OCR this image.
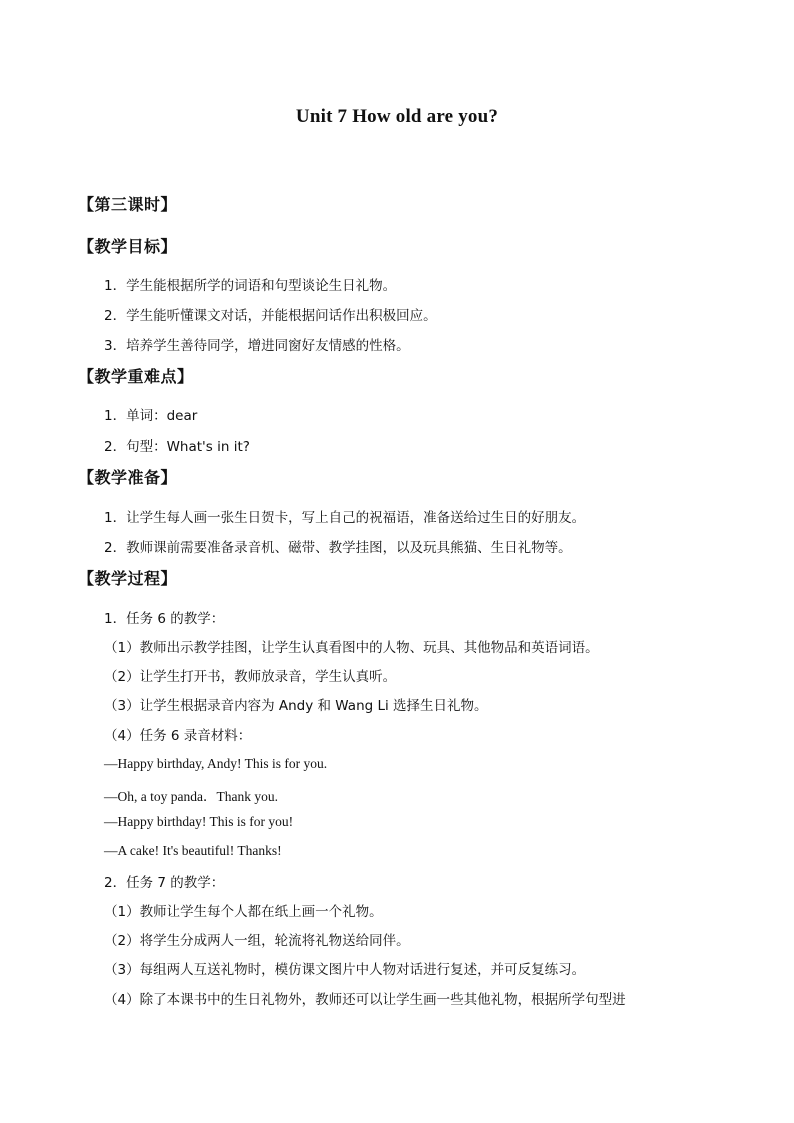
Unit 7 How old are you?
【第三课时】
【教学目标】
1．学生能根据所学的词语和句型谈论生日礼物。
2．学生能听懂课文对话，并能根据问话作出积极回应。
3．培养学生善待同学，增进同窗好友情感的性格。
【教学重难点】
1．单词：dear
2．句型：What's in it?
【教学准备】
1．让学生每人画一张生日贺卡，写上自己的祝福语，准备送给过生日的好朋友。
2．教师课前需要准备录音机、磁带、教学挂图，以及玩具熊猫、生日礼物等。
【教学过程】
1．任务 6 的教学：
（1）教师出示教学挂图，让学生认真看图中的人物、玩具、其他物品和英语词语。
（2）让学生打开书，教师放录音，学生认真听。
（3）让学生根据录音内容为 Andy 和 Wang Li 选择生日礼物。
（4）任务 6 录音材料：
—Happy birthday, Andy! This is for you.
—Oh, a toy panda．Thank you.
—Happy birthday! This is for you!
—A cake! It's beautiful! Thanks!
2．任务 7 的教学：
（1）教师让学生每个人都在纸上画一个礼物。
（2）将学生分成两人一组，轮流将礼物送给同伴。
（3）每组两人互送礼物时，模仿课文图片中人物对话进行复述，并可反复练习。
（4）除了本课书中的生日礼物外，教师还可以让学生画一些其他礼物，根据所学句型进
